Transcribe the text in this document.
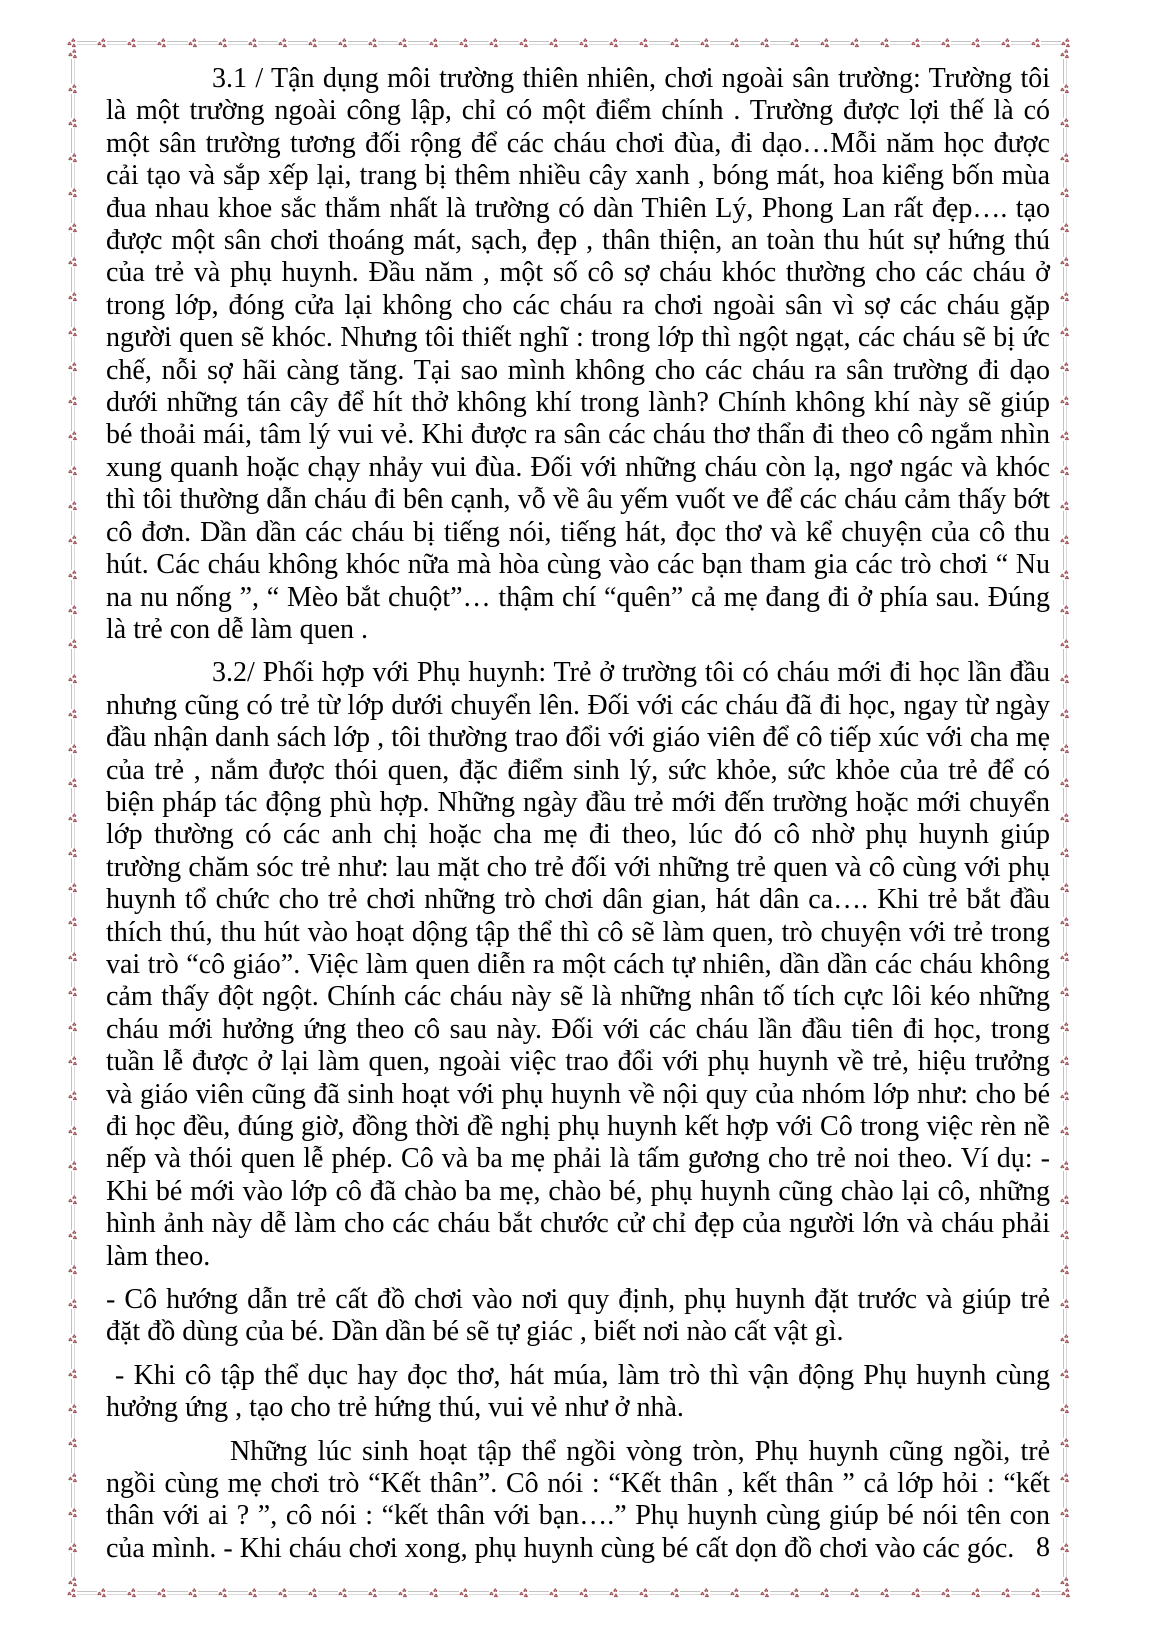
3.1 / Tận dụng môi trường thiên nhiên, chơi ngoài sân trường: Trường tôi là một trường ngoài công lập, chỉ có một điểm chính . Trường được lợi thế là có một sân trường tương đối rộng để các cháu chơi đùa, đi dạo…Mỗi năm học được cải tạo và sắp xếp lại, trang bị thêm nhiều cây xanh , bóng mát, hoa kiểng bốn mùa đua nhau khoe sắc thắm nhất là trường có dàn Thiên Lý, Phong Lan rất đẹp…. tạo được một sân chơi thoáng mát, sạch, đẹp , thân thiện, an toàn thu hút sự hứng thú của trẻ và phụ huynh. Đầu năm , một số cô sợ cháu khóc thường cho các cháu ở trong lớp, đóng cửa lại không cho các cháu ra chơi ngoài sân vì sợ các cháu gặp người quen sẽ khóc. Nhưng tôi thiết nghĩ : trong lớp thì ngột ngạt, các cháu sẽ bị ức chế, nỗi sợ hãi càng tăng. Tại sao mình không cho các cháu ra sân trường đi dạo dưới những tán cây để hít thở không khí trong lành? Chính không khí này sẽ giúp bé thoải mái, tâm lý vui vẻ. Khi được ra sân các cháu thơ thẩn đi theo cô ngắm nhìn xung quanh hoặc chạy nhảy vui đùa. Đối với những cháu còn lạ, ngơ ngác và khóc thì tôi thường dẫn cháu đi bên cạnh, vỗ về âu yếm vuốt ve để các cháu cảm thấy bớt cô đơn. Dần dần các cháu bị tiếng nói, tiếng hát, đọc thơ và kể chuyện của cô thu hút. Các cháu không khóc nữa mà hòa cùng vào các bạn tham gia các trò chơi “ Nu na nu nống ”, “ Mèo bắt chuột”… thậm chí “quên” cả mẹ đang đi ở phía sau. Đúng là trẻ con dễ làm quen .

3.2/ Phối hợp với Phụ huynh: Trẻ ở trường tôi có cháu mới đi học lần đầu nhưng cũng có trẻ từ lớp dưới chuyển lên. Đối với các cháu đã đi học, ngay từ ngày đầu nhận danh sách lớp , tôi thường trao đổi với giáo viên để cô tiếp xúc với cha mẹ của trẻ , nắm được thói quen, đặc điểm sinh lý, sức khỏe, sức khỏe của trẻ để có biện pháp tác động phù hợp. Những ngày đầu trẻ mới đến trường hoặc mới chuyển lớp thường có các anh chị hoặc cha mẹ đi theo, lúc đó cô nhờ phụ huynh giúp trường chăm sóc trẻ như: lau mặt cho trẻ đối với những trẻ quen và cô cùng với phụ huynh tổ chức cho trẻ chơi những trò chơi dân gian, hát dân ca…. Khi trẻ bắt đầu thích thú, thu hút vào hoạt dộng tập thể thì cô sẽ làm quen, trò chuyện với trẻ trong vai trò “cô giáo”. Việc làm quen diễn ra một cách tự nhiên, dần dần các cháu không cảm thấy đột ngột. Chính các cháu này sẽ là những nhân tố tích cực lôi kéo những cháu mới hưởng ứng theo cô sau này. Đối với các cháu lần đầu tiên đi học, trong tuần lễ được ở lại làm quen, ngoài việc trao đổi với phụ huynh về trẻ, hiệu trưởng và giáo viên cũng đã sinh hoạt với phụ huynh về nội quy của nhóm lớp như: cho bé đi học đều, đúng giờ, đồng thời đề nghị phụ huynh kết hợp với Cô trong việc rèn nề nếp và thói quen lễ phép. Cô và ba mẹ phải là tấm gương cho trẻ noi theo. Ví dụ: - Khi bé mới vào lớp cô đã chào ba mẹ, chào bé, phụ huynh cũng chào lại cô, những hình ảnh này dễ làm cho các cháu bắt chước cử chỉ đẹp của người lớn và cháu phải làm theo.

- Cô hướng dẫn trẻ cất đồ chơi vào nơi quy định, phụ huynh đặt trước và giúp trẻ đặt đồ dùng của bé. Dần dần bé sẽ tự giác , biết nơi nào cất vật gì.

- Khi cô tập thể dục hay đọc thơ, hát múa, làm trò thì vận động Phụ huynh cùng hưởng ứng , tạo cho trẻ hứng thú, vui vẻ như ở nhà.

Những lúc sinh hoạt tập thể ngồi vòng tròn, Phụ huynh cũng ngồi, trẻ ngồi cùng mẹ chơi trò “Kết thân”. Cô nói : “Kết thân , kết thân ” cả lớp hỏi : “kết thân với ai ? ”, cô nói : “kết thân với bạn….” Phụ huynh cùng giúp bé nói tên con của mình. - Khi cháu chơi xong, phụ huynh cùng bé cất dọn đồ chơi vào các góc. 8
